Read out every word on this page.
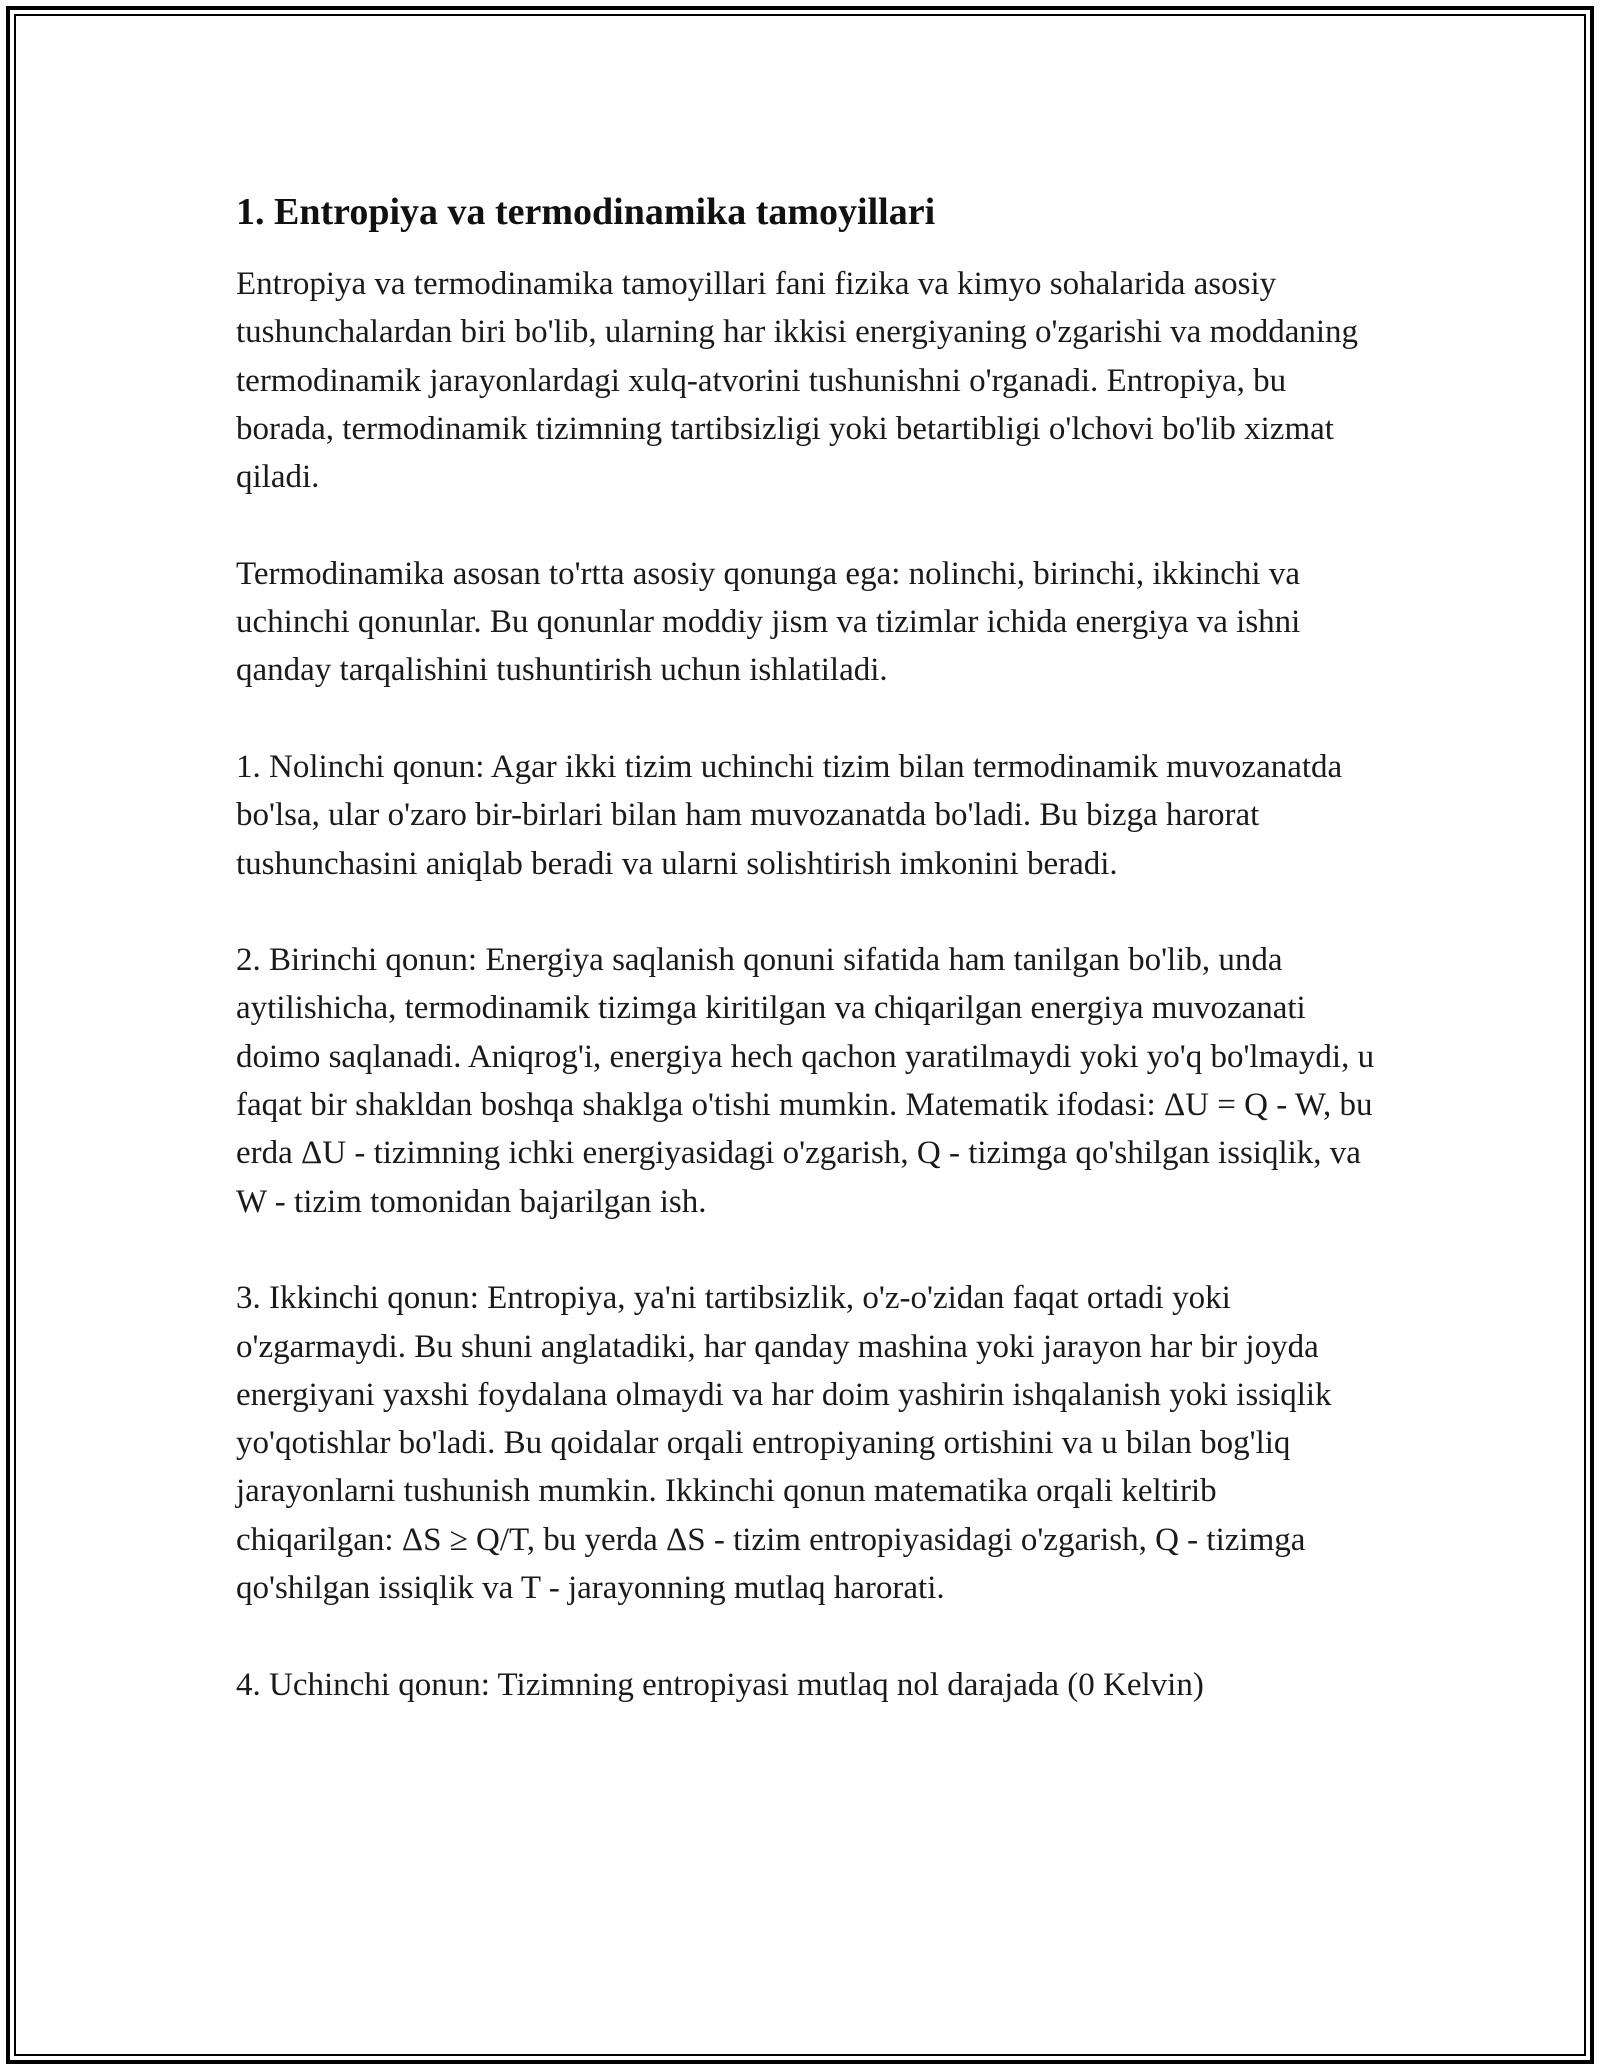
1. Entropiya va termodinamika tamoyillari

Entropiya va termodinamika tamoyillari fani fizika va kimyo sohalarida asosiy tushunchalardan biri bo'lib, ularning har ikkisi energiyaning o'zgarishi va moddaning termodinamik jarayonlardagi xulq-atvorini tushunishni o'rganadi. Entropiya, bu borada, termodinamik tizimning tartibsizligi yoki betartibligi o'lchovi bo'lib xizmat qiladi.

Termodinamika asosan to'rtta asosiy qonunga ega: nolinchi, birinchi, ikkinchi va uchinchi qonunlar. Bu qonunlar moddiy jism va tizimlar ichida energiya va ishni qanday tarqalishini tushuntirish uchun ishlatiladi.

1. Nolinchi qonun: Agar ikki tizim uchinchi tizim bilan termodinamik muvozanatda bo'lsa, ular o'zaro bir-birlari bilan ham muvozanatda bo'ladi. Bu bizga harorat tushunchasini aniqlab beradi va ularni solishtirish imkonini beradi.

2. Birinchi qonun: Energiya saqlanish qonuni sifatida ham tanilgan bo'lib, unda aytilishicha, termodinamik tizimga kiritilgan va chiqarilgan energiya muvozanati doimo saqlanadi. Aniqrog'i, energiya hech qachon yaratilmaydi yoki yo'q bo'lmaydi, u faqat bir shakldan boshqa shaklga o'tishi mumkin. Matematik ifodasi: ΔU = Q - W, bu erda ΔU - tizimning ichki energiyasidagi o'zgarish, Q - tizimga qo'shilgan issiqlik, va W - tizim tomonidan bajarilgan ish.

3. Ikkinchi qonun: Entropiya, ya'ni tartibsizlik, o'z-o'zidan faqat ortadi yoki o'zgarmaydi. Bu shuni anglatadiki, har qanday mashina yoki jarayon har bir joyda energiyani yaxshi foydalana olmaydi va har doim yashirin ishqalanish yoki issiqlik yo'qotishlar bo'ladi. Bu qoidalar orqali entropiyaning ortishini va u bilan bog'liq jarayonlarni tushunish mumkin. Ikkinchi qonun matematika orqali keltirib chiqarilgan: ΔS ≥ Q/T, bu yerda ΔS - tizim entropiyasidagi o'zgarish, Q - tizimga qo'shilgan issiqlik va T - jarayonning mutlaq harorati.

4. Uchinchi qonun: Tizimning entropiyasi mutlaq nol darajada (0 Kelvin)
